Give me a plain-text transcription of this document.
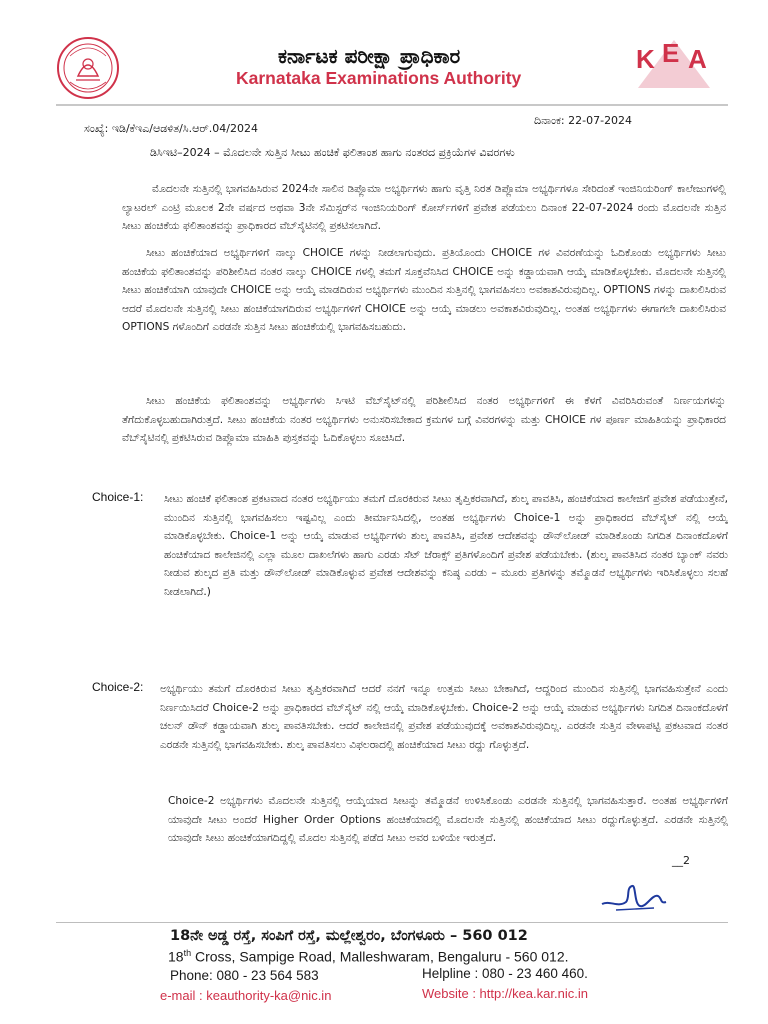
ಕರ್ನಾಟಕ ಪರೀಕ್ಷಾ ಪ್ರಾಧಿಕಾರ
Karnataka Examinations Authority
K E A
ಸಂಖ್ಯೆ: ಇಡಿ/ಕೆಇಎ/ಆಡಳಿತ/ಸಿ.ಆರ್.04/2024
ದಿನಾಂಕ: 22-07-2024
ಡಿಸಿಇಟಿ–2024 – ಮೊದಲನೇ ಸುತ್ತಿನ ಸೀಟು ಹಂಚಿಕೆ ಫಲಿತಾಂಶ ಹಾಗು ನಂತರದ ಪ್ರಕ್ರಿಯೆಗಳ ವಿವರಗಳು

ಮೊದಲನೇ ಸುತ್ತಿನಲ್ಲಿ ಭಾಗವಹಿಸಿರುವ 2024ನೇ ಸಾಲಿನ ಡಿಪ್ಲೊಮಾ ಅಭ್ಯರ್ಥಿಗಳು ಹಾಗು ವೃತ್ತಿ ನಿರತ ಡಿಪ್ಲೊಮಾ ಅಭ್ಯರ್ಥಿಗಳೂ ಸೇರಿದಂತೆ ಇಂಜಿನಿಯರಿಂಗ್ ಕಾಲೇಜುಗಳಲ್ಲಿ ಲ್ಯಾಟರಲ್ ಎಂಟ್ರಿ ಮೂಲಕ 2ನೇ ವರ್ಷದ ಅಥವಾ 3ನೇ ಸೆಮಿಸ್ಟರ್‌ನ ಇಂಜಿನಿಯರಿಂಗ್ ಕೋರ್ಸ್‌ಗಳಿಗೆ ಪ್ರವೇಶ ಪಡೆಯಲು ದಿನಾಂಕ 22-07-2024 ರಂದು ಮೊದಲನೇ ಸುತ್ತಿನ ಸೀಟು ಹಂಚಿಕೆಯ ಫಲಿತಾಂಶವನ್ನು ಪ್ರಾಧಿಕಾರದ ವೆಬ್‌ಸೈಟಿನಲ್ಲಿ ಪ್ರಕಟಿಸಲಾಗಿದೆ.

ಸೀಟು ಹಂಚಿಕೆಯಾದ ಅಭ್ಯರ್ಥಿಗಳಿಗೆ ನಾಲ್ಕು CHOICE ಗಳನ್ನು ನೀಡಲಾಗುವುದು. ಪ್ರತಿಯೊಂದು CHOICE ಗಳ ವಿವರಣೆಯನ್ನು ಓದಿಕೊಂಡು ಅಭ್ಯರ್ಥಿಗಳು ಸೀಟು ಹಂಚಿಕೆಯ ಫಲಿತಾಂಶವನ್ನು ಪರಿಶೀಲಿಸಿದ ನಂತರ ನಾಲ್ಕು CHOICE ಗಳಲ್ಲಿ ತಮಗೆ ಸೂಕ್ತವೆನಿಸಿದ CHOICE ಅನ್ನು ಕಡ್ಡಾಯವಾಗಿ ಆಯ್ಕೆ ಮಾಡಿಕೊಳ್ಳಬೇಕು. ಮೊದಲನೇ ಸುತ್ತಿನಲ್ಲಿ ಸೀಟು ಹಂಚಿಕೆಯಾಗಿ ಯಾವುದೇ CHOICE ಅನ್ನು ಆಯ್ಕೆ ಮಾಡದಿರುವ ಅಭ್ಯರ್ಥಿಗಳು ಮುಂದಿನ ಸುತ್ತಿನಲ್ಲಿ ಭಾಗವಹಿಸಲು ಅವಕಾಶವಿರುವುದಿಲ್ಲ. OPTIONS ಗಳನ್ನು ದಾಖಲಿಸಿರುವ ಆದರೆ ಮೊದಲನೇ ಸುತ್ತಿನಲ್ಲಿ ಸೀಟು ಹಂಚಿಕೆಯಾಗದಿರುವ ಅಭ್ಯರ್ಥಿಗಳಿಗೆ CHOICE ಅನ್ನು ಆಯ್ಕೆ ಮಾಡಲು ಅವಕಾಶವಿರುವುದಿಲ್ಲ. ಅಂತಹ ಅಭ್ಯರ್ಥಿಗಳು ಈಗಾಗಲೇ ದಾಖಲಿಸಿರುವ OPTIONS ಗಳೊಂದಿಗೆ ಎರಡನೇ ಸುತ್ತಿನ ಸೀಟು ಹಂಚಿಕೆಯಲ್ಲಿ ಭಾಗವಹಿಸಬಹುದು.

ಸೀಟು ಹಂಚಿಕೆಯ ಫಲಿತಾಂಶವನ್ನು ಅಭ್ಯರ್ಥಿಗಳು ಸಿಇಟಿ ವೆಬ್‌ಸೈಟ್‌ನಲ್ಲಿ ಪರಿಶೀಲಿಸಿದ ನಂತರ ಅಭ್ಯರ್ಥಿಗಳಿಗೆ ಈ ಕೆಳಗೆ ವಿವರಿಸಿರುವಂತೆ ನಿರ್ಣಯಗಳನ್ನು ತೆಗೆದುಕೊಳ್ಳಬಹುದಾಗಿರುತ್ತದೆ. ಸೀಟು ಹಂಚಿಕೆಯ ನಂತರ ಅಭ್ಯರ್ಥಿಗಳು ಅನುಸರಿಸಬೇಕಾದ ಕ್ರಮಗಳ ಬಗ್ಗೆ ವಿವರಗಳನ್ನು ಮತ್ತು CHOICE ಗಳ ಪೂರ್ಣ ಮಾಹಿತಿಯನ್ನು ಪ್ರಾಧಿಕಾರದ ವೆಬ್‌ಸೈಟಿನಲ್ಲಿ ಪ್ರಕಟಿಸಿರುವ ಡಿಪ್ಲೊಮಾ ಮಾಹಿತಿ ಪುಸ್ತಕವನ್ನು ಓದಿಕೊಳ್ಳಲು ಸೂಚಿಸಿದೆ.

Choice-1: ಸೀಟು ಹಂಚಿಕೆ ಫಲಿತಾಂಶ ಪ್ರಕಟವಾದ ನಂತರ ಅಭ್ಯರ್ಥಿಯು ತಮಗೆ ದೊರಕಿರುವ ಸೀಟು ತೃಪ್ತಿಕರವಾಗಿದೆ, ಶುಲ್ಕ ಪಾವತಿಸಿ, ಹಂಚಿಕೆಯಾದ ಕಾಲೇಜಿಗೆ ಪ್ರವೇಶ ಪಡೆಯುತ್ತೇನೆ, ಮುಂದಿನ ಸುತ್ತಿನಲ್ಲಿ ಭಾಗವಹಿಸಲು ಇಷ್ಟವಿಲ್ಲ ಎಂದು ತೀರ್ಮಾನಿಸಿದಲ್ಲಿ, ಅಂತಹ ಅಭ್ಯರ್ಥಿಗಳು Choice-1 ಅನ್ನು ಪ್ರಾಧಿಕಾರದ ವೆಬ್‌ಸೈಟ್ ನಲ್ಲಿ ಆಯ್ಕೆ ಮಾಡಿಕೊಳ್ಳಬೇಕು. Choice-1 ಅನ್ನು ಆಯ್ಕೆ ಮಾಡುವ ಅಭ್ಯರ್ಥಿಗಳು ಶುಲ್ಕ ಪಾವತಿಸಿ, ಪ್ರವೇಶ ಆದೇಶವನ್ನು ಡೌನ್‌ಲೋಡ್ ಮಾಡಿಕೊಂಡು ನಿಗದಿತ ದಿನಾಂಕದೊಳಗೆ ಹಂಚಿಕೆಯಾದ ಕಾಲೇಜಿನಲ್ಲಿ ಎಲ್ಲಾ ಮೂಲ ದಾಖಲೆಗಳು ಹಾಗು ಎರಡು ಸೆಟ್ ಜೆರಾಕ್ಸ್ ಪ್ರತಿಗಳೊಂದಿಗೆ ಪ್ರವೇಶ ಪಡೆಯಬೇಕು. (ಶುಲ್ಕ ಪಾವತಿಸಿದ ನಂತರ ಬ್ಯಾಂಕ್ ನವರು ನೀಡುವ ಶುಲ್ಕದ ಪ್ರತಿ ಮತ್ತು ಡೌನ್‌ಲೋಡ್ ಮಾಡಿಕೊಳ್ಳುವ ಪ್ರವೇಶ ಆದೇಶವನ್ನು ಕನಿಷ್ಠ ಎರಡು – ಮೂರು ಪ್ರತಿಗಳನ್ನು ತಮ್ಮೊಡನೆ ಅಭ್ಯರ್ಥಿಗಳು ಇರಿಸಿಕೊಳ್ಳಲು ಸಲಹೆ ನೀಡಲಾಗಿದೆ.)

Choice-2: ಅಭ್ಯರ್ಥಿಯು ತಮಗೆ ದೊರಕಿರುವ ಸೀಟು ತೃಪ್ತಿಕರವಾಗಿದೆ ಆದರೆ ನನಗೆ ಇನ್ನೂ ಉತ್ತಮ ಸೀಟು ಬೇಕಾಗಿದೆ, ಆದ್ದರಿಂದ ಮುಂದಿನ ಸುತ್ತಿನಲ್ಲಿ ಭಾಗವಹಿಸುತ್ತೇನೆ ಎಂದು ನಿರ್ಣಯಿಸಿದರೆ Choice-2 ಅನ್ನು ಪ್ರಾಧಿಕಾರದ ವೆಬ್‌ಸೈಟ್ ನಲ್ಲಿ ಆಯ್ಕೆ ಮಾಡಿಕೊಳ್ಳಬೇಕು. Choice-2 ಅನ್ನು ಆಯ್ಕೆ ಮಾಡುವ ಅಭ್ಯರ್ಥಿಗಳು ನಿಗದಿತ ದಿನಾಂಕದೊಳಗೆ ಚಲನ್ ಡೌನ್ ಕಡ್ಡಾಯವಾಗಿ ಶುಲ್ಕ ಪಾವತಿಸಬೇಕು. ಆದರೆ ಕಾಲೇಜಿನಲ್ಲಿ ಪ್ರವೇಶ ಪಡೆಯುವುದಕ್ಕೆ ಅವಕಾಶವಿರುವುದಿಲ್ಲ. ಎರಡನೇ ಸುತ್ತಿನ ವೇಳಾಪಟ್ಟಿ ಪ್ರಕಟವಾದ ನಂತರ ಎರಡನೇ ಸುತ್ತಿನಲ್ಲಿ ಭಾಗವಹಿಸಬೇಕು. ಶುಲ್ಕ ಪಾವತಿಸಲು ವಿಫಲರಾದಲ್ಲಿ ಹಂಚಿಕೆಯಾದ ಸೀಟು ರದ್ದು ಗೊಳ್ಳುತ್ತದೆ.

Choice-2 ಅಭ್ಯರ್ಥಿಗಳು ಮೊದಲನೇ ಸುತ್ತಿನಲ್ಲಿ ಆಯ್ಕೆಯಾದ ಸೀಟನ್ನು ತಮ್ಮೊಡನೆ ಉಳಿಸಿಕೊಂಡು ಎರಡನೇ ಸುತ್ತಿನಲ್ಲಿ ಭಾಗವಹಿಸುತ್ತಾರೆ. ಅಂತಹ ಅಭ್ಯರ್ಥಿಗಳಿಗೆ ಯಾವುದೇ ಸೀಟು ಅಂದರೆ Higher Order Options ಹಂಚಿಕೆಯಾದಲ್ಲಿ ಮೊದಲನೇ ಸುತ್ತಿನಲ್ಲಿ ಹಂಚಿಕೆಯಾದ ಸೀಟು ರದ್ದುಗೊಳ್ಳುತ್ತದೆ. ಎರಡನೇ ಸುತ್ತಿನಲ್ಲಿ ಯಾವುದೇ ಸೀಟು ಹಂಚಿಕೆಯಾಗದಿದ್ದಲ್ಲಿ ಮೊದಲ ಸುತ್ತಿನಲ್ಲಿ ಪಡೆದ ಸೀಟು ಅವರ ಬಳಿಯೇ ಇರುತ್ತದೆ.

__2
18ನೇ ಅಡ್ಡ ರಸ್ತೆ, ಸಂಪಿಗೆ ರಸ್ತೆ, ಮಲ್ಲೇಶ್ವರಂ, ಬೆಂಗಳೂರು – 560 012
18th Cross, Sampige Road, Malleshwaram, Bengaluru - 560 012.
Phone: 080 - 23 564 583	Helpline : 080 - 23 460 460.
e-mail : keauthority-ka@nic.in	Website : http://kea.kar.nic.in
